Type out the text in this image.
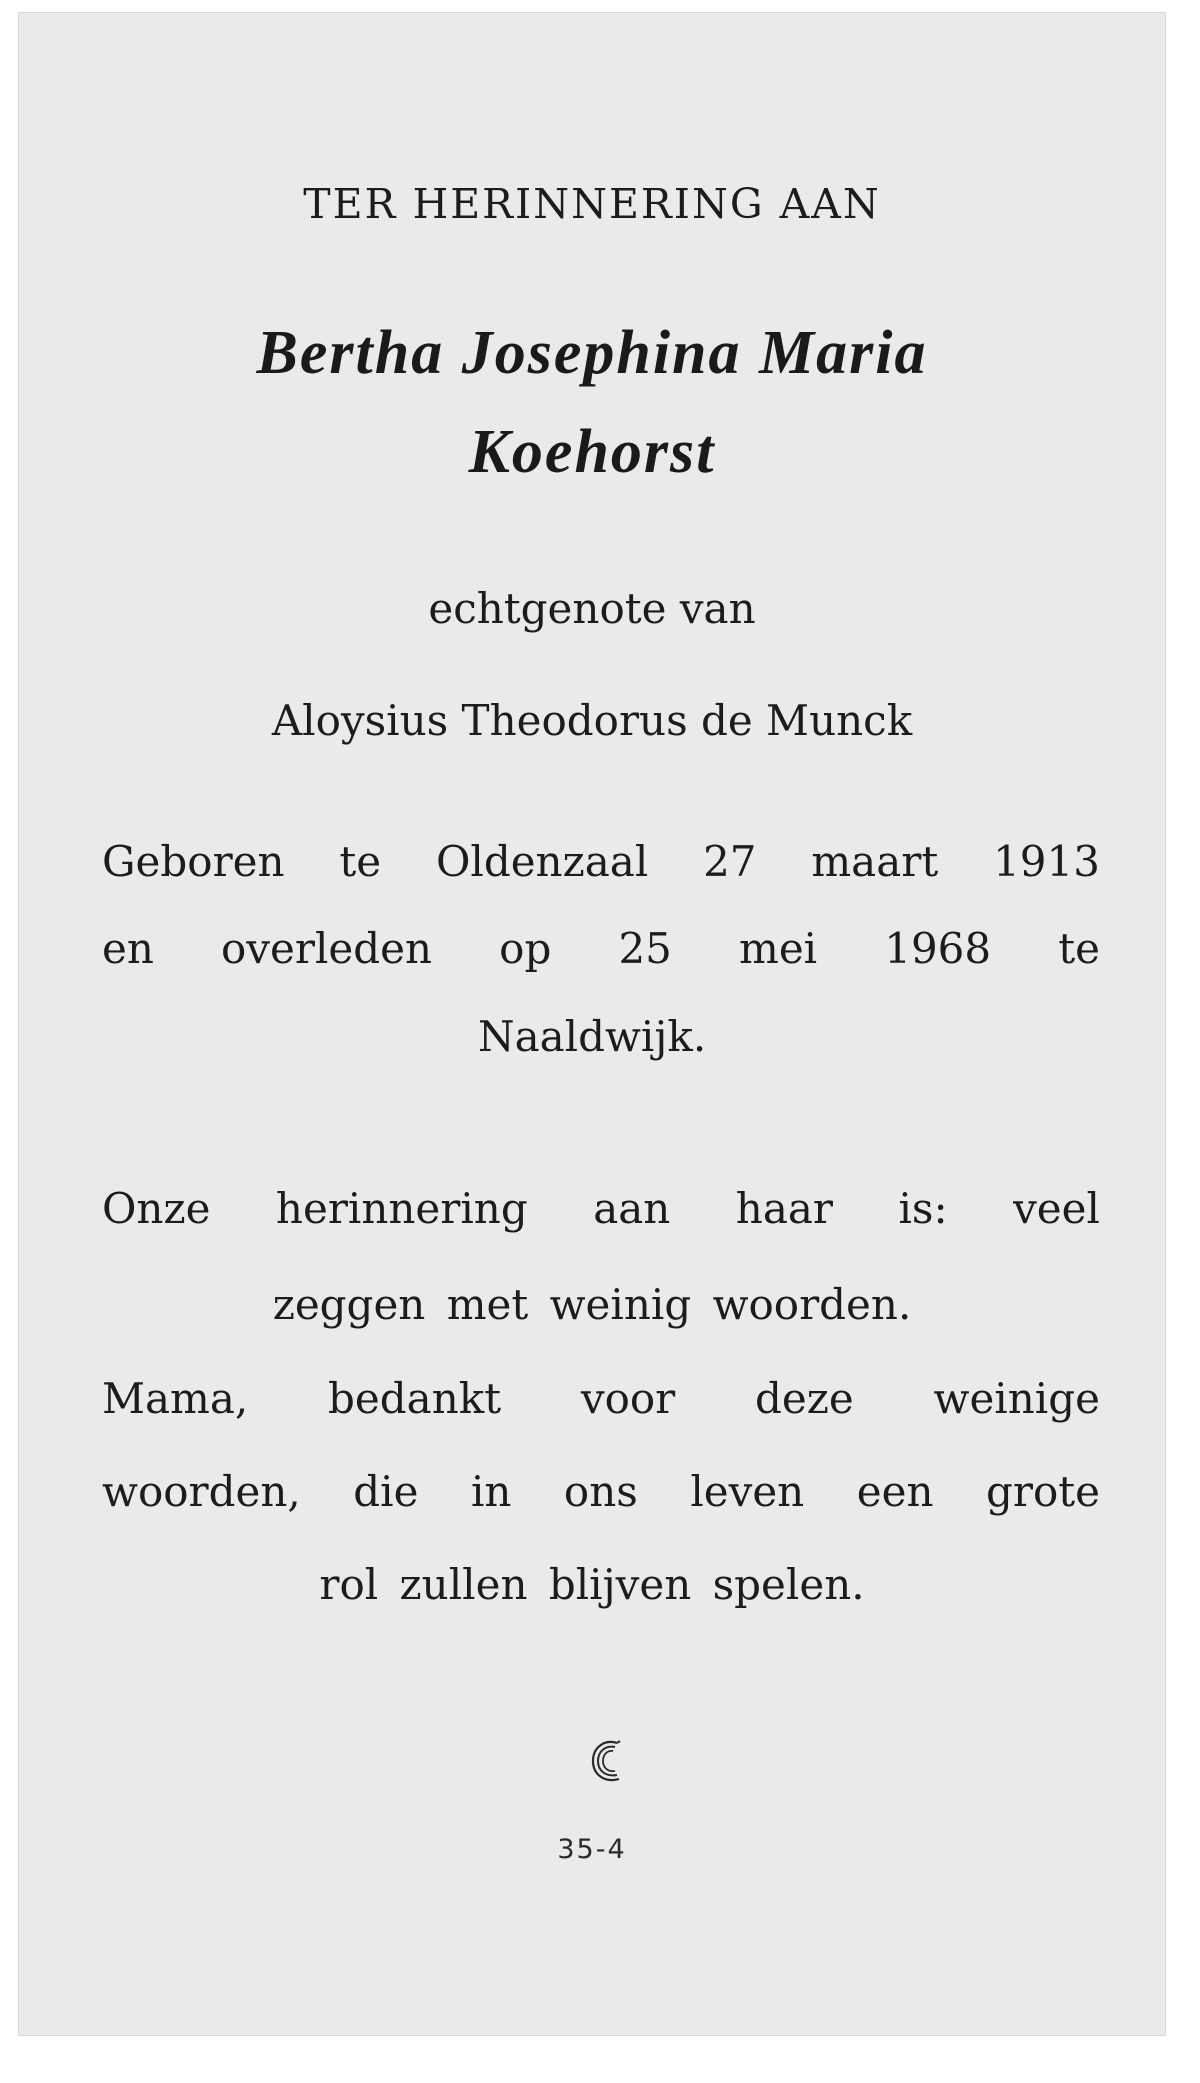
TER HERINNERING AAN
Bertha Josephina Maria
Koehorst
echtgenote van
Aloysius Theodorus de Munck
Geboren te Oldenzaal 27 maart 1913
en overleden op 25 mei 1968 te
Naaldwijk.
Onze herinnering aan haar is: veel
zeggen met weinig woorden.
Mama, bedankt voor deze weinige
woorden, die in ons leven een grote
rol zullen blijven spelen.
35-4
